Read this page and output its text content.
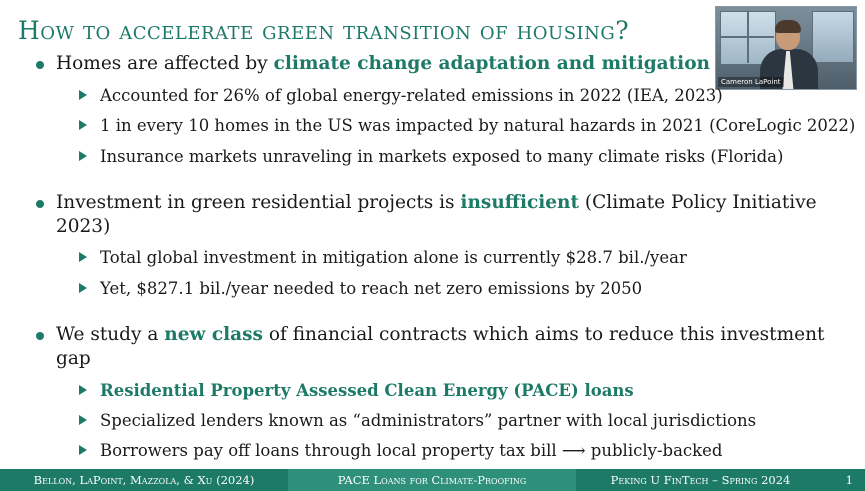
How to accelerate green transition of housing?
Cameron LaPoint
Homes are affected by climate change adaptation and mitigation
Accounted for 26% of global energy-related emissions in 2022 (IEA, 2023)
1 in every 10 homes in the US was impacted by natural hazards in 2021 (CoreLogic 2022)
Insurance markets unraveling in markets exposed to many climate risks (Florida)
Investment in green residential projects is insufficient (Climate Policy Initiative 2023)
Total global investment in mitigation alone is currently $28.7 bil./year
Yet, $827.1 bil./year needed to reach net zero emissions by 2050
We study a new class of financial contracts which aims to reduce this investment gap
Residential Property Assessed Clean Energy (PACE) loans
Specialized lenders known as “administrators” partner with local jurisdictions
Borrowers pay off loans through local property tax bill ⟶ publicly-backed
Bellon, LaPoint, Mazzola, & Xu (2024)	PACE Loans for Climate-Proofing	Peking U FinTech – Spring 2024	1
